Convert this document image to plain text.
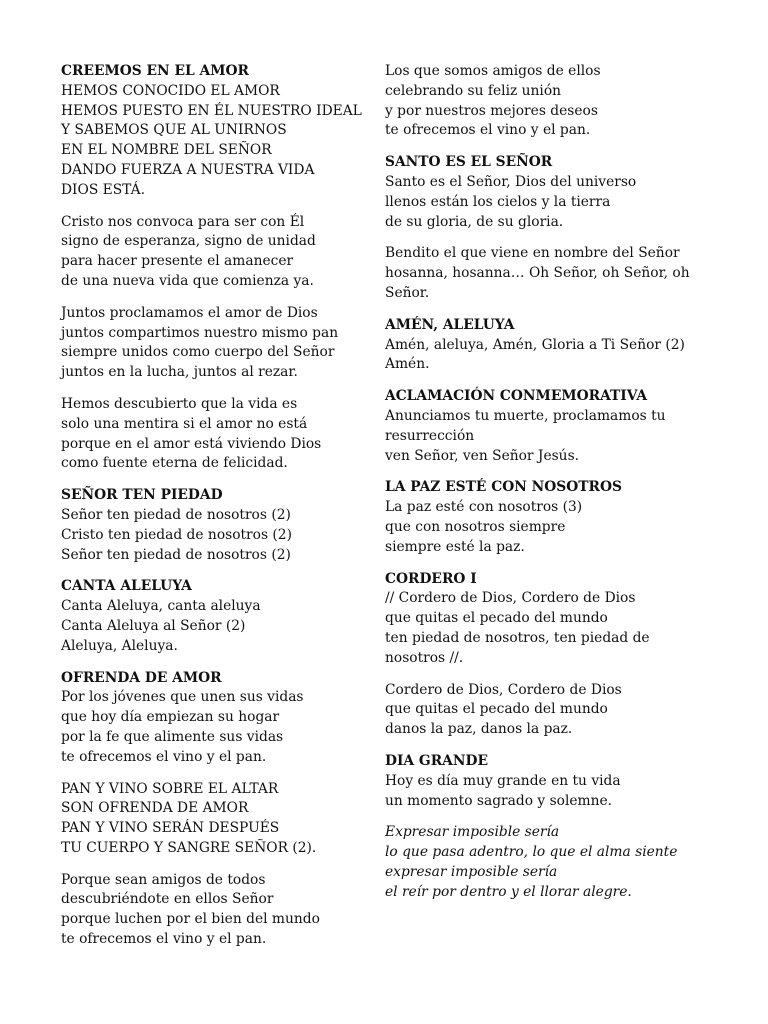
CREEMOS EN EL AMOR
HEMOS CONOCIDO EL AMOR
HEMOS PUESTO EN ÉL NUESTRO IDEAL
Y SABEMOS QUE AL UNIRNOS
EN EL NOMBRE DEL SEÑOR
DANDO FUERZA A NUESTRA VIDA
DIOS ESTÁ.
Cristo nos convoca para ser con Él
signo de esperanza, signo de unidad
para hacer presente el amanecer
de una nueva vida que comienza ya.
Juntos proclamamos el amor de Dios
juntos compartimos nuestro mismo pan
siempre unidos como cuerpo del Señor
juntos en la lucha, juntos al rezar.
Hemos descubierto que la vida es
solo una mentira si el amor no está
porque en el amor está viviendo Dios
como fuente eterna de felicidad.
SEÑOR TEN PIEDAD
Señor ten piedad de nosotros (2)
Cristo ten piedad de nosotros (2)
Señor ten piedad de nosotros (2)
CANTA ALELUYA
Canta Aleluya, canta aleluya
Canta Aleluya al Señor (2)
Aleluya, Aleluya.
OFRENDA DE AMOR
Por los jóvenes que unen sus vidas
que hoy día empiezan su hogar
por la fe que alimente sus vidas
te ofrecemos el vino y el pan.
PAN Y VINO SOBRE EL ALTAR
SON OFRENDA DE AMOR
PAN Y VINO SERÁN DESPUÉS
TU CUERPO Y SANGRE SEÑOR (2).
Porque sean amigos de todos
descubriéndote en ellos Señor
porque luchen por el bien del mundo
te ofrecemos el vino y el pan.
Los que somos amigos de ellos
celebrando su feliz unión
y por nuestros mejores deseos
te ofrecemos el vino y el pan.
SANTO ES EL SEÑOR
Santo es el Señor, Dios del universo
llenos están los cielos y la tierra
de su gloria, de su gloria.
Bendito el que viene en nombre del Señor
hosanna, hosanna… Oh Señor, oh Señor, oh
Señor.
AMÉN, ALELUYA
Amén, aleluya, Amén, Gloria a Ti Señor (2)
Amén.
ACLAMACIÓN CONMEMORATIVA
Anunciamos tu muerte, proclamamos tu
resurrección
ven Señor, ven Señor Jesús.
LA PAZ ESTÉ CON NOSOTROS
La paz esté con nosotros (3)
que con nosotros siempre
siempre esté la paz.
CORDERO I
// Cordero de Dios, Cordero de Dios
que quitas el pecado del mundo
ten piedad de nosotros, ten piedad de
nosotros //.
Cordero de Dios, Cordero de Dios
que quitas el pecado del mundo
danos la paz, danos la paz.
DIA GRANDE
Hoy es día muy grande en tu vida
un momento sagrado y solemne.
Expresar imposible sería
lo que pasa adentro, lo que el alma siente
expresar imposible sería
el reír por dentro y el llorar alegre.
